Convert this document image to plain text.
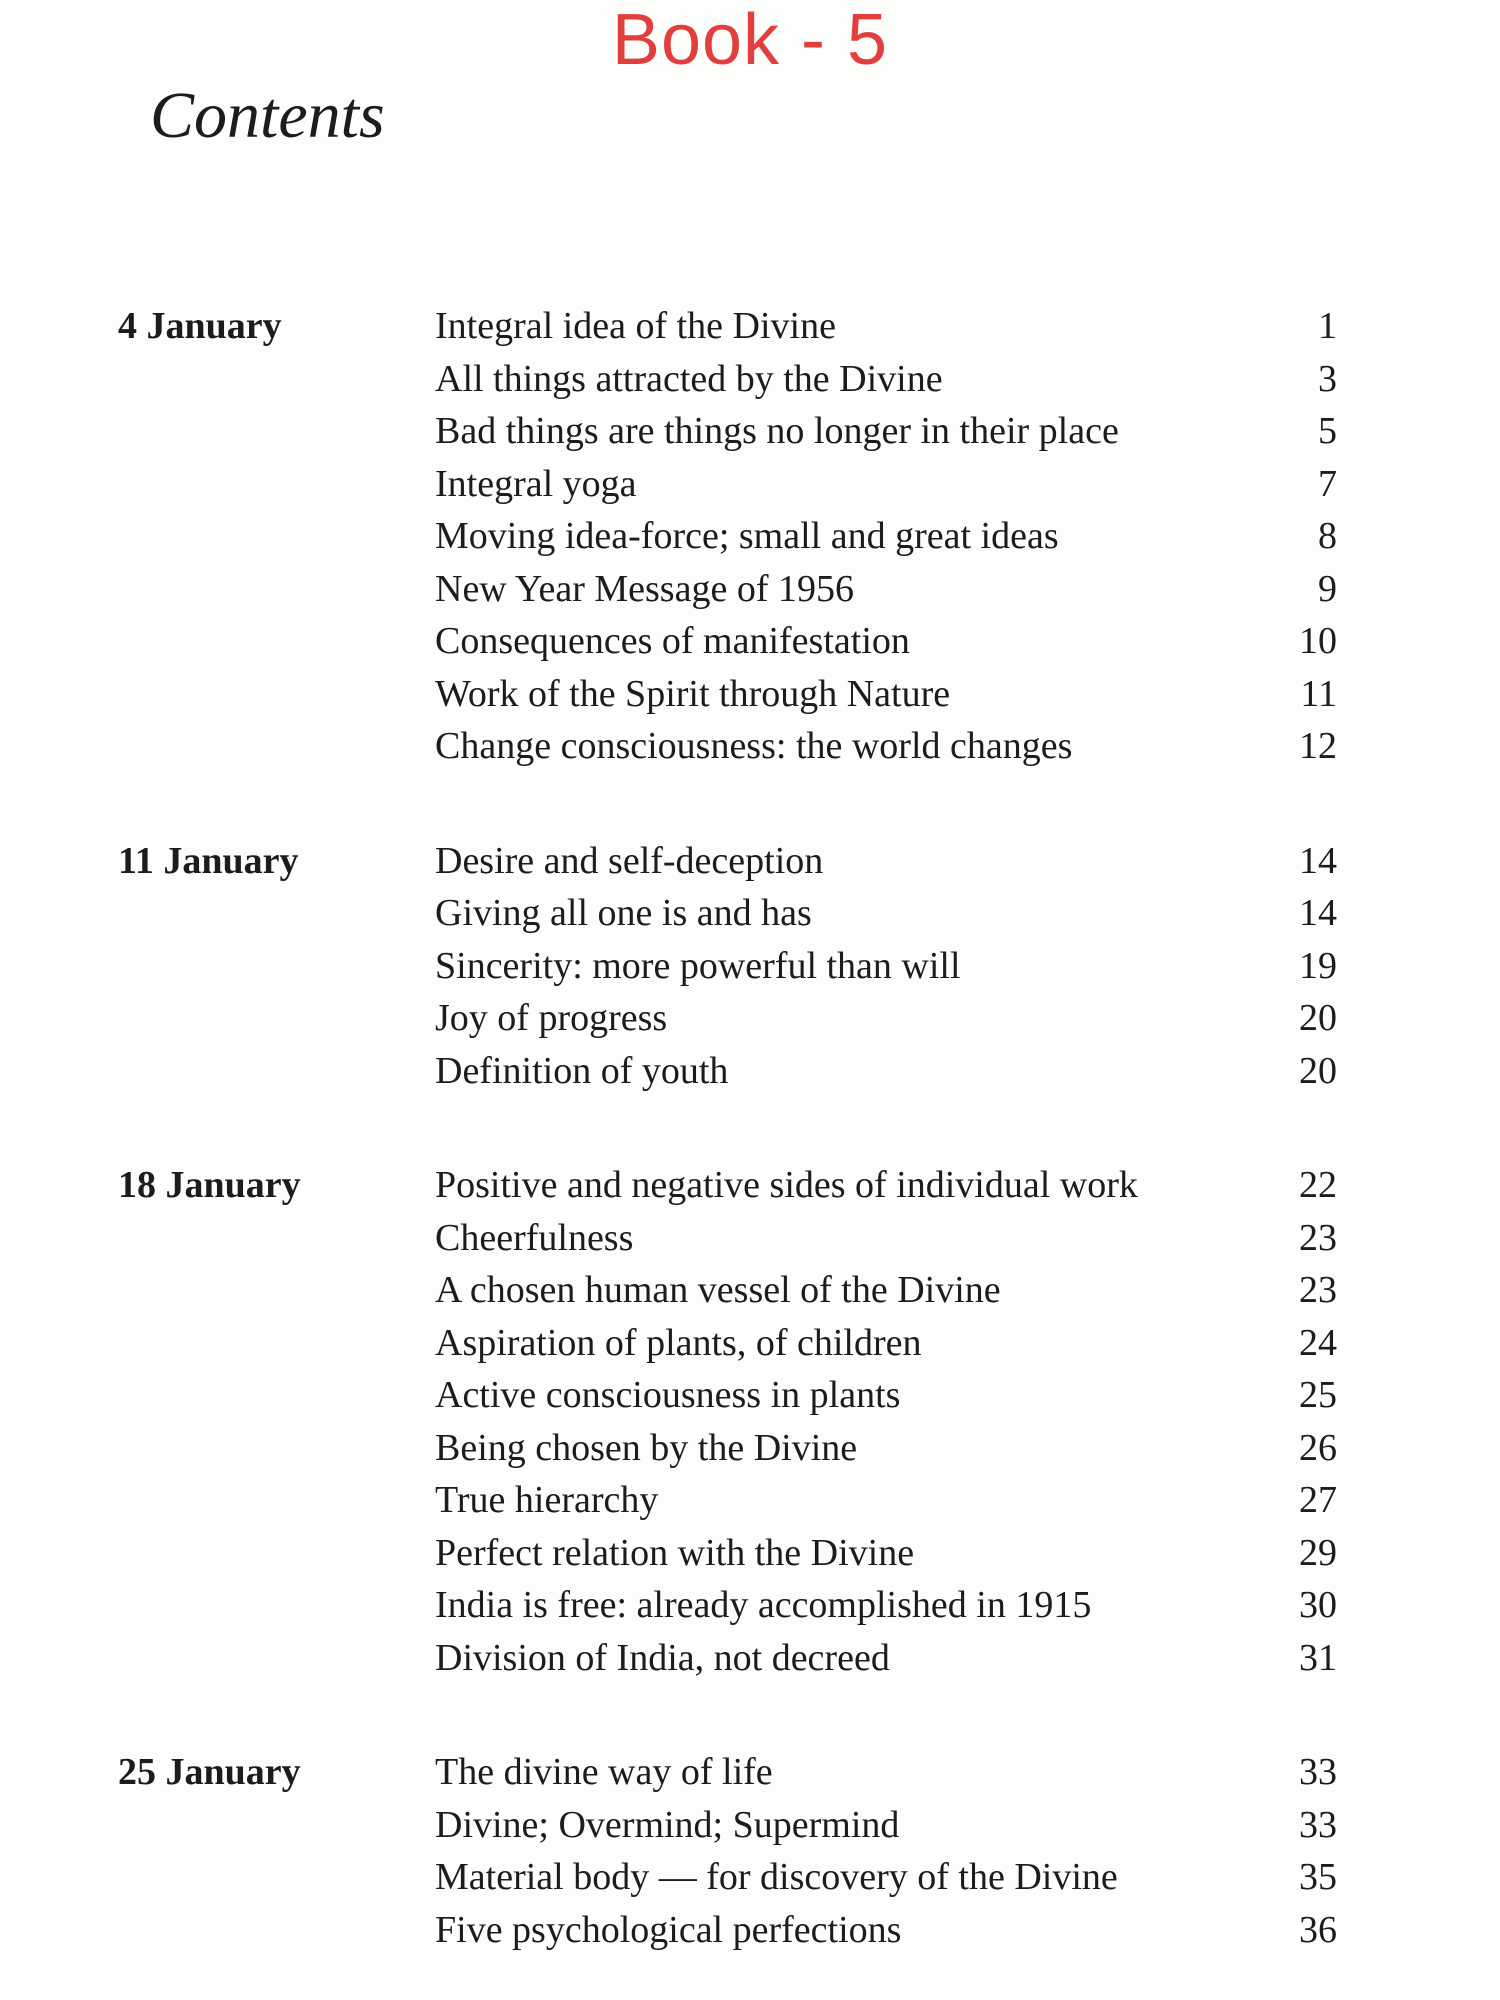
Book - 5
Contents
4 January	Integral idea of the Divine	1
All things attracted by the Divine	3
Bad things are things no longer in their place	5
Integral yoga	7
Moving idea-force; small and great ideas	8
New Year Message of 1956	9
Consequences of manifestation	10
Work of the Spirit through Nature	11
Change consciousness: the world changes	12
11 January	Desire and self-deception	14
Giving all one is and has	14
Sincerity: more powerful than will	19
Joy of progress	20
Definition of youth	20
18 January	Positive and negative sides of individual work	22
Cheerfulness	23
A chosen human vessel of the Divine	23
Aspiration of plants, of children	24
Active consciousness in plants	25
Being chosen by the Divine	26
True hierarchy	27
Perfect relation with the Divine	29
India is free: already accomplished in 1915	30
Division of India, not decreed	31
25 January	The divine way of life	33
Divine; Overmind; Supermind	33
Material body — for discovery of the Divine	35
Five psychological perfections	36
